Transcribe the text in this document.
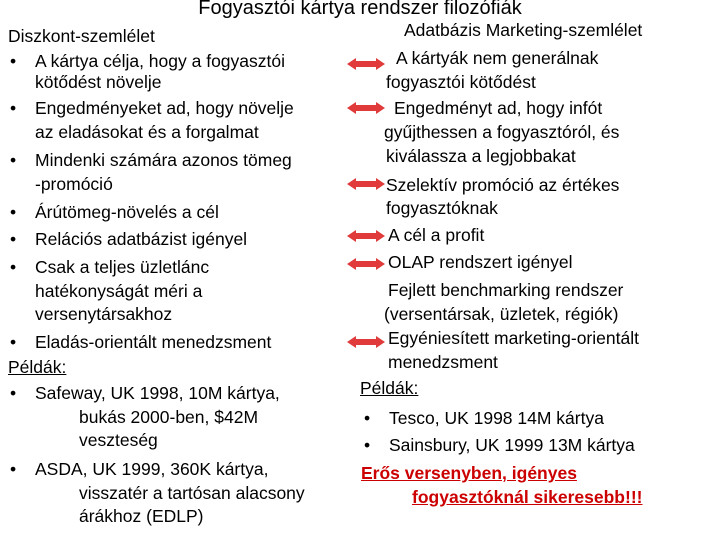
Fogyasztói kártya rendszer filozófiák
Diszkont-szemlélet
• A kártya célja, hogy a fogyasztói
kötődést növelje
• Engedményeket ad, hogy növelje
az eladásokat és a forgalmat
• Mindenki számára azonos tömeg
-promóció
• Árútömeg-növelés a cél
• Relációs adatbázist igényel
• Csak a teljes üzletlánc
hatékonyságát méri a
versenytársakhoz
• Eladás-orientált menedzsment
Példák:
• Safeway, UK 1998, 10M kártya,
bukás 2000-ben, $42M
veszteség
• ASDA, UK 1999, 360K kártya,
visszatér a tartósan alacsony
árákhoz (EDLP)
Adatbázis Marketing-szemlélet
A kártyák nem generálnak
fogyasztói kötődést
Engedményt ad, hogy infót
gyűjthessen a fogyasztóról, és
kiválassza a legjobbakat
Szelektív promóció az értékes
fogyasztóknak
A cél a profit
OLAP rendszert igényel
Fejlett benchmarking rendszer
(versentársak, üzletek, régiók)
Egyéniesített marketing-orientált
menedzsment
Példák:
• Tesco, UK 1998 14M kártya
• Sainsbury, UK 1999 13M kártya
Erős versenyben, igényes
fogyasztóknál sikeresebb!!!
